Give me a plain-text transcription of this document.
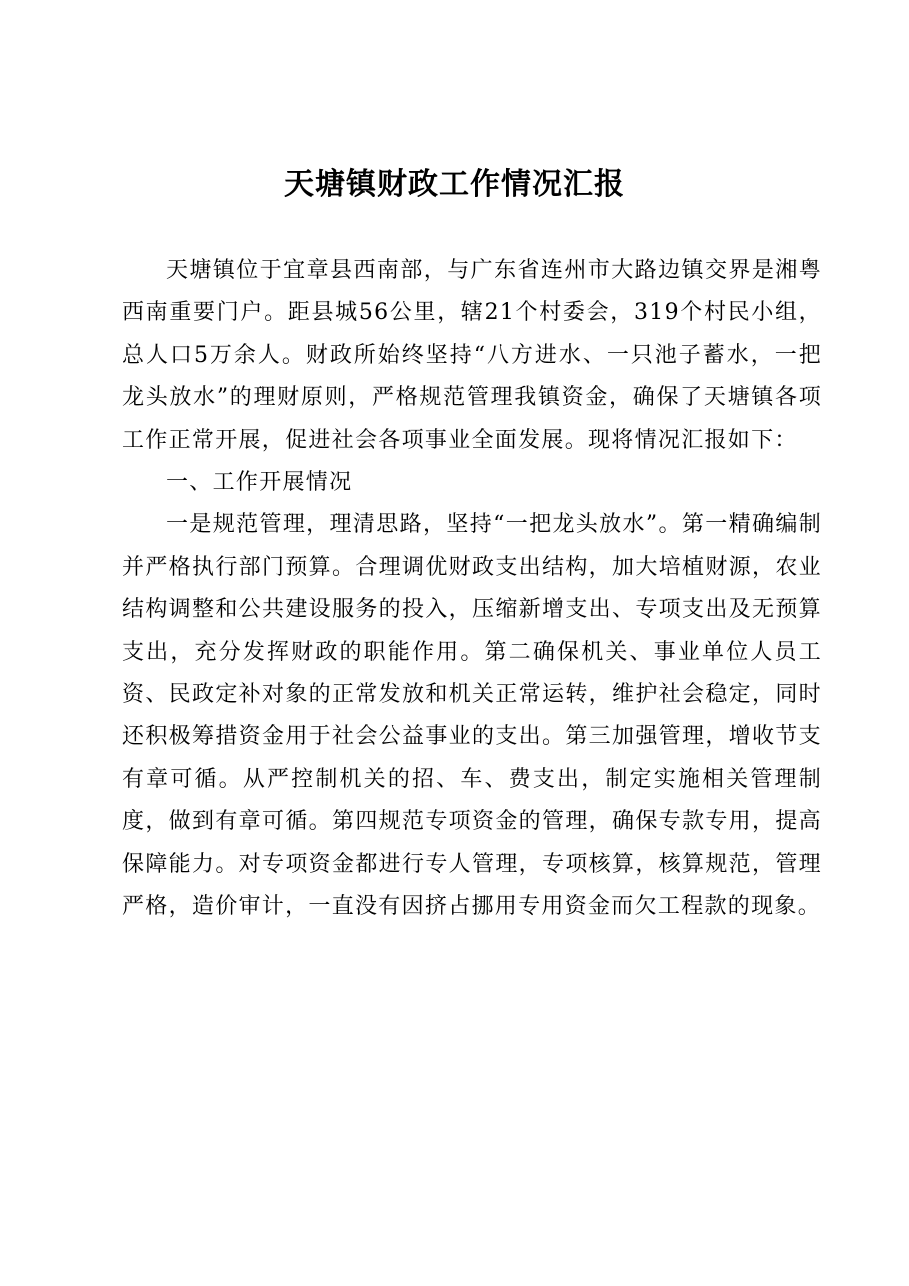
天塘镇财政工作情况汇报

天塘镇位于宜章县西南部，与广东省连州市大路边镇交界是湘粤西南重要门户。距县城56公里，辖21个村委会，319个村民小组，总人口5万余人。财政所始终坚持“八方进水、一只池子蓄水，一把龙头放水”的理财原则，严格规范管理我镇资金，确保了天塘镇各项工作正常开展，促进社会各项事业全面发展。现将情况汇报如下：

一、工作开展情况

一是规范管理，理清思路，坚持“一把龙头放水”。第一精确编制并严格执行部门预算。合理调优财政支出结构，加大培植财源，农业结构调整和公共建设服务的投入，压缩新增支出、专项支出及无预算支出，充分发挥财政的职能作用。第二确保机关、事业单位人员工资、民政定补对象的正常发放和机关正常运转，维护社会稳定，同时还积极筹措资金用于社会公益事业的支出。第三加强管理，增收节支有章可循。从严控制机关的招、车、费支出，制定实施相关管理制度，做到有章可循。第四规范专项资金的管理，确保专款专用，提高保障能力。对专项资金都进行专人管理，专项核算，核算规范，管理严格，造价审计，一直没有因挤占挪用专用资金而欠工程款的现象。
